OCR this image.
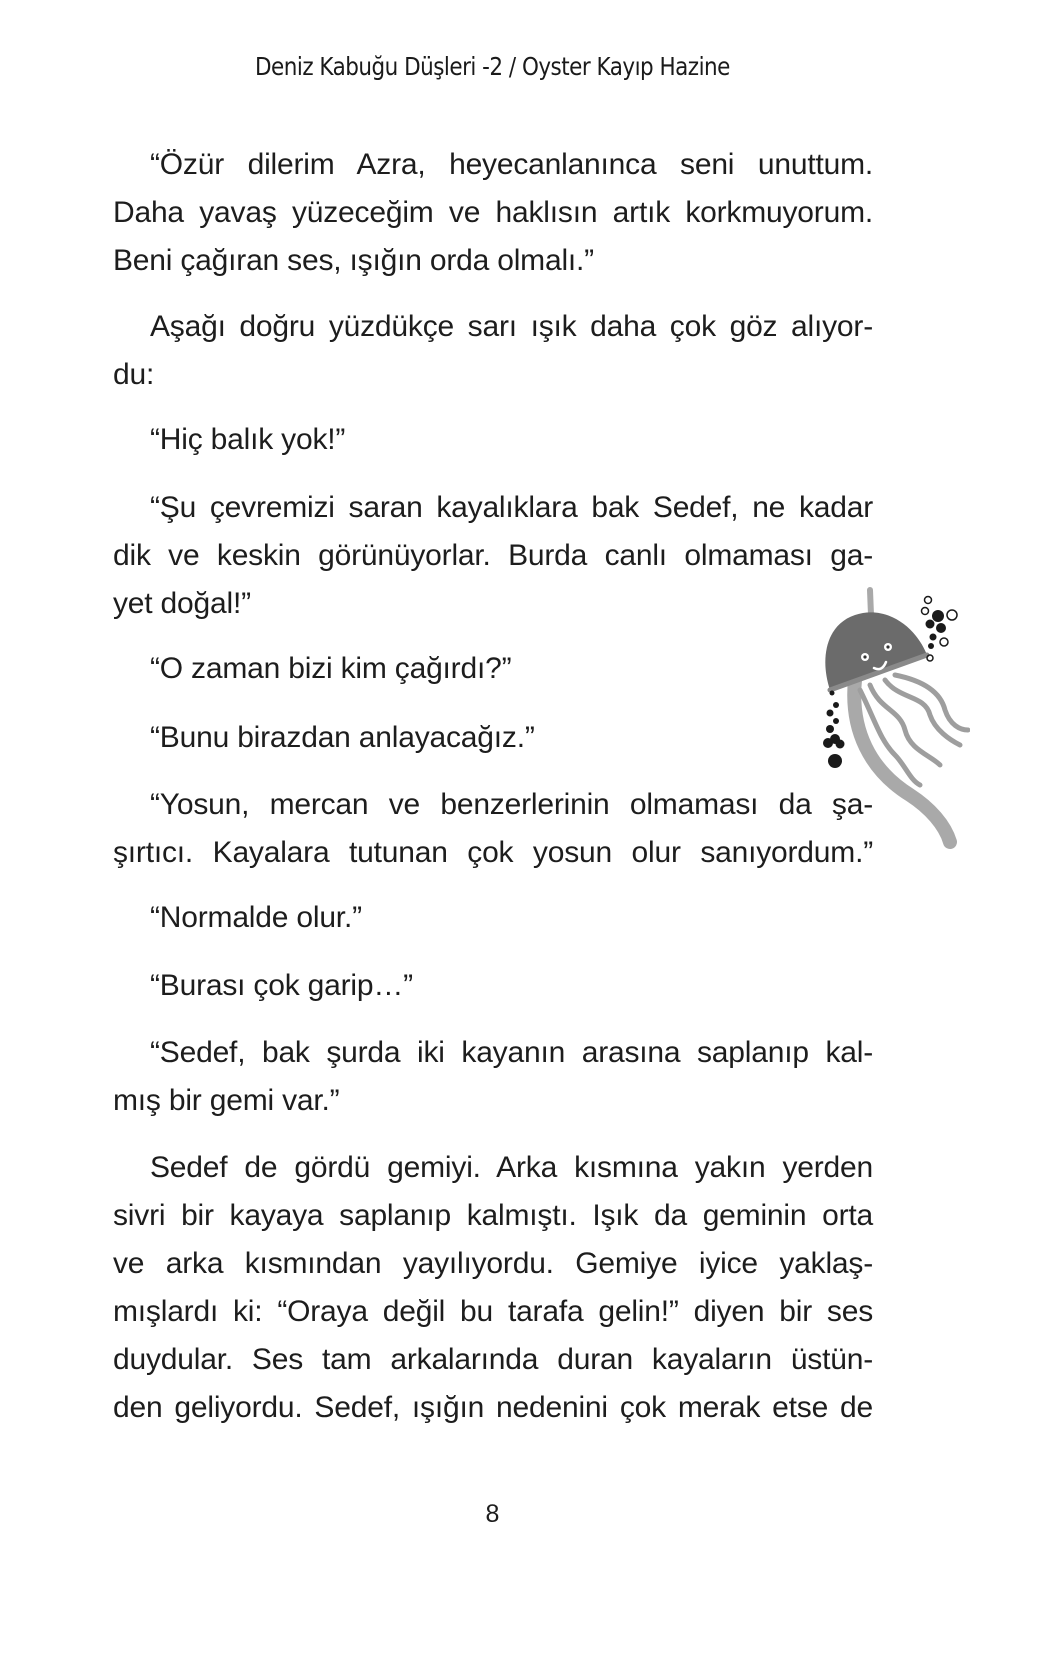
Deniz Kabuğu Düşleri -2 / Oyster Kayıp Hazine
“Özür dilerim Azra, heyecanlanınca seni unuttum.
Daha yavaş yüzeceğim ve haklısın artık korkmuyorum.
Beni çağıran ses, ışığın orda olmalı.”
Aşağı doğru yüzdükçe sarı ışık daha çok göz alıyor-
du:
“Hiç balık yok!”
“Şu çevremizi saran kayalıklara bak Sedef, ne kadar
dik ve keskin görünüyorlar. Burda canlı olmaması ga-
yet doğal!”
“O zaman bizi kim çağırdı?”
“Bunu birazdan anlayacağız.”
“Yosun, mercan ve benzerlerinin olmaması da şa-
şırtıcı. Kayalara tutunan çok yosun olur sanıyordum.”
“Normalde olur.”
“Burası çok garip…”
“Sedef, bak şurda iki kayanın arasına saplanıp kal-
mış bir gemi var.”
Sedef de gördü gemiyi. Arka kısmına yakın yerden
sivri bir kayaya saplanıp kalmıştı. Işık da geminin orta
ve arka kısmından yayılıyordu. Gemiye iyice yaklaş-
mışlardı ki: “Oraya değil bu tarafa gelin!” diyen bir ses
duydular. Ses tam arkalarında duran kayaların üstün-
den geliyordu. Sedef, ışığın nedenini çok merak etse de
8
